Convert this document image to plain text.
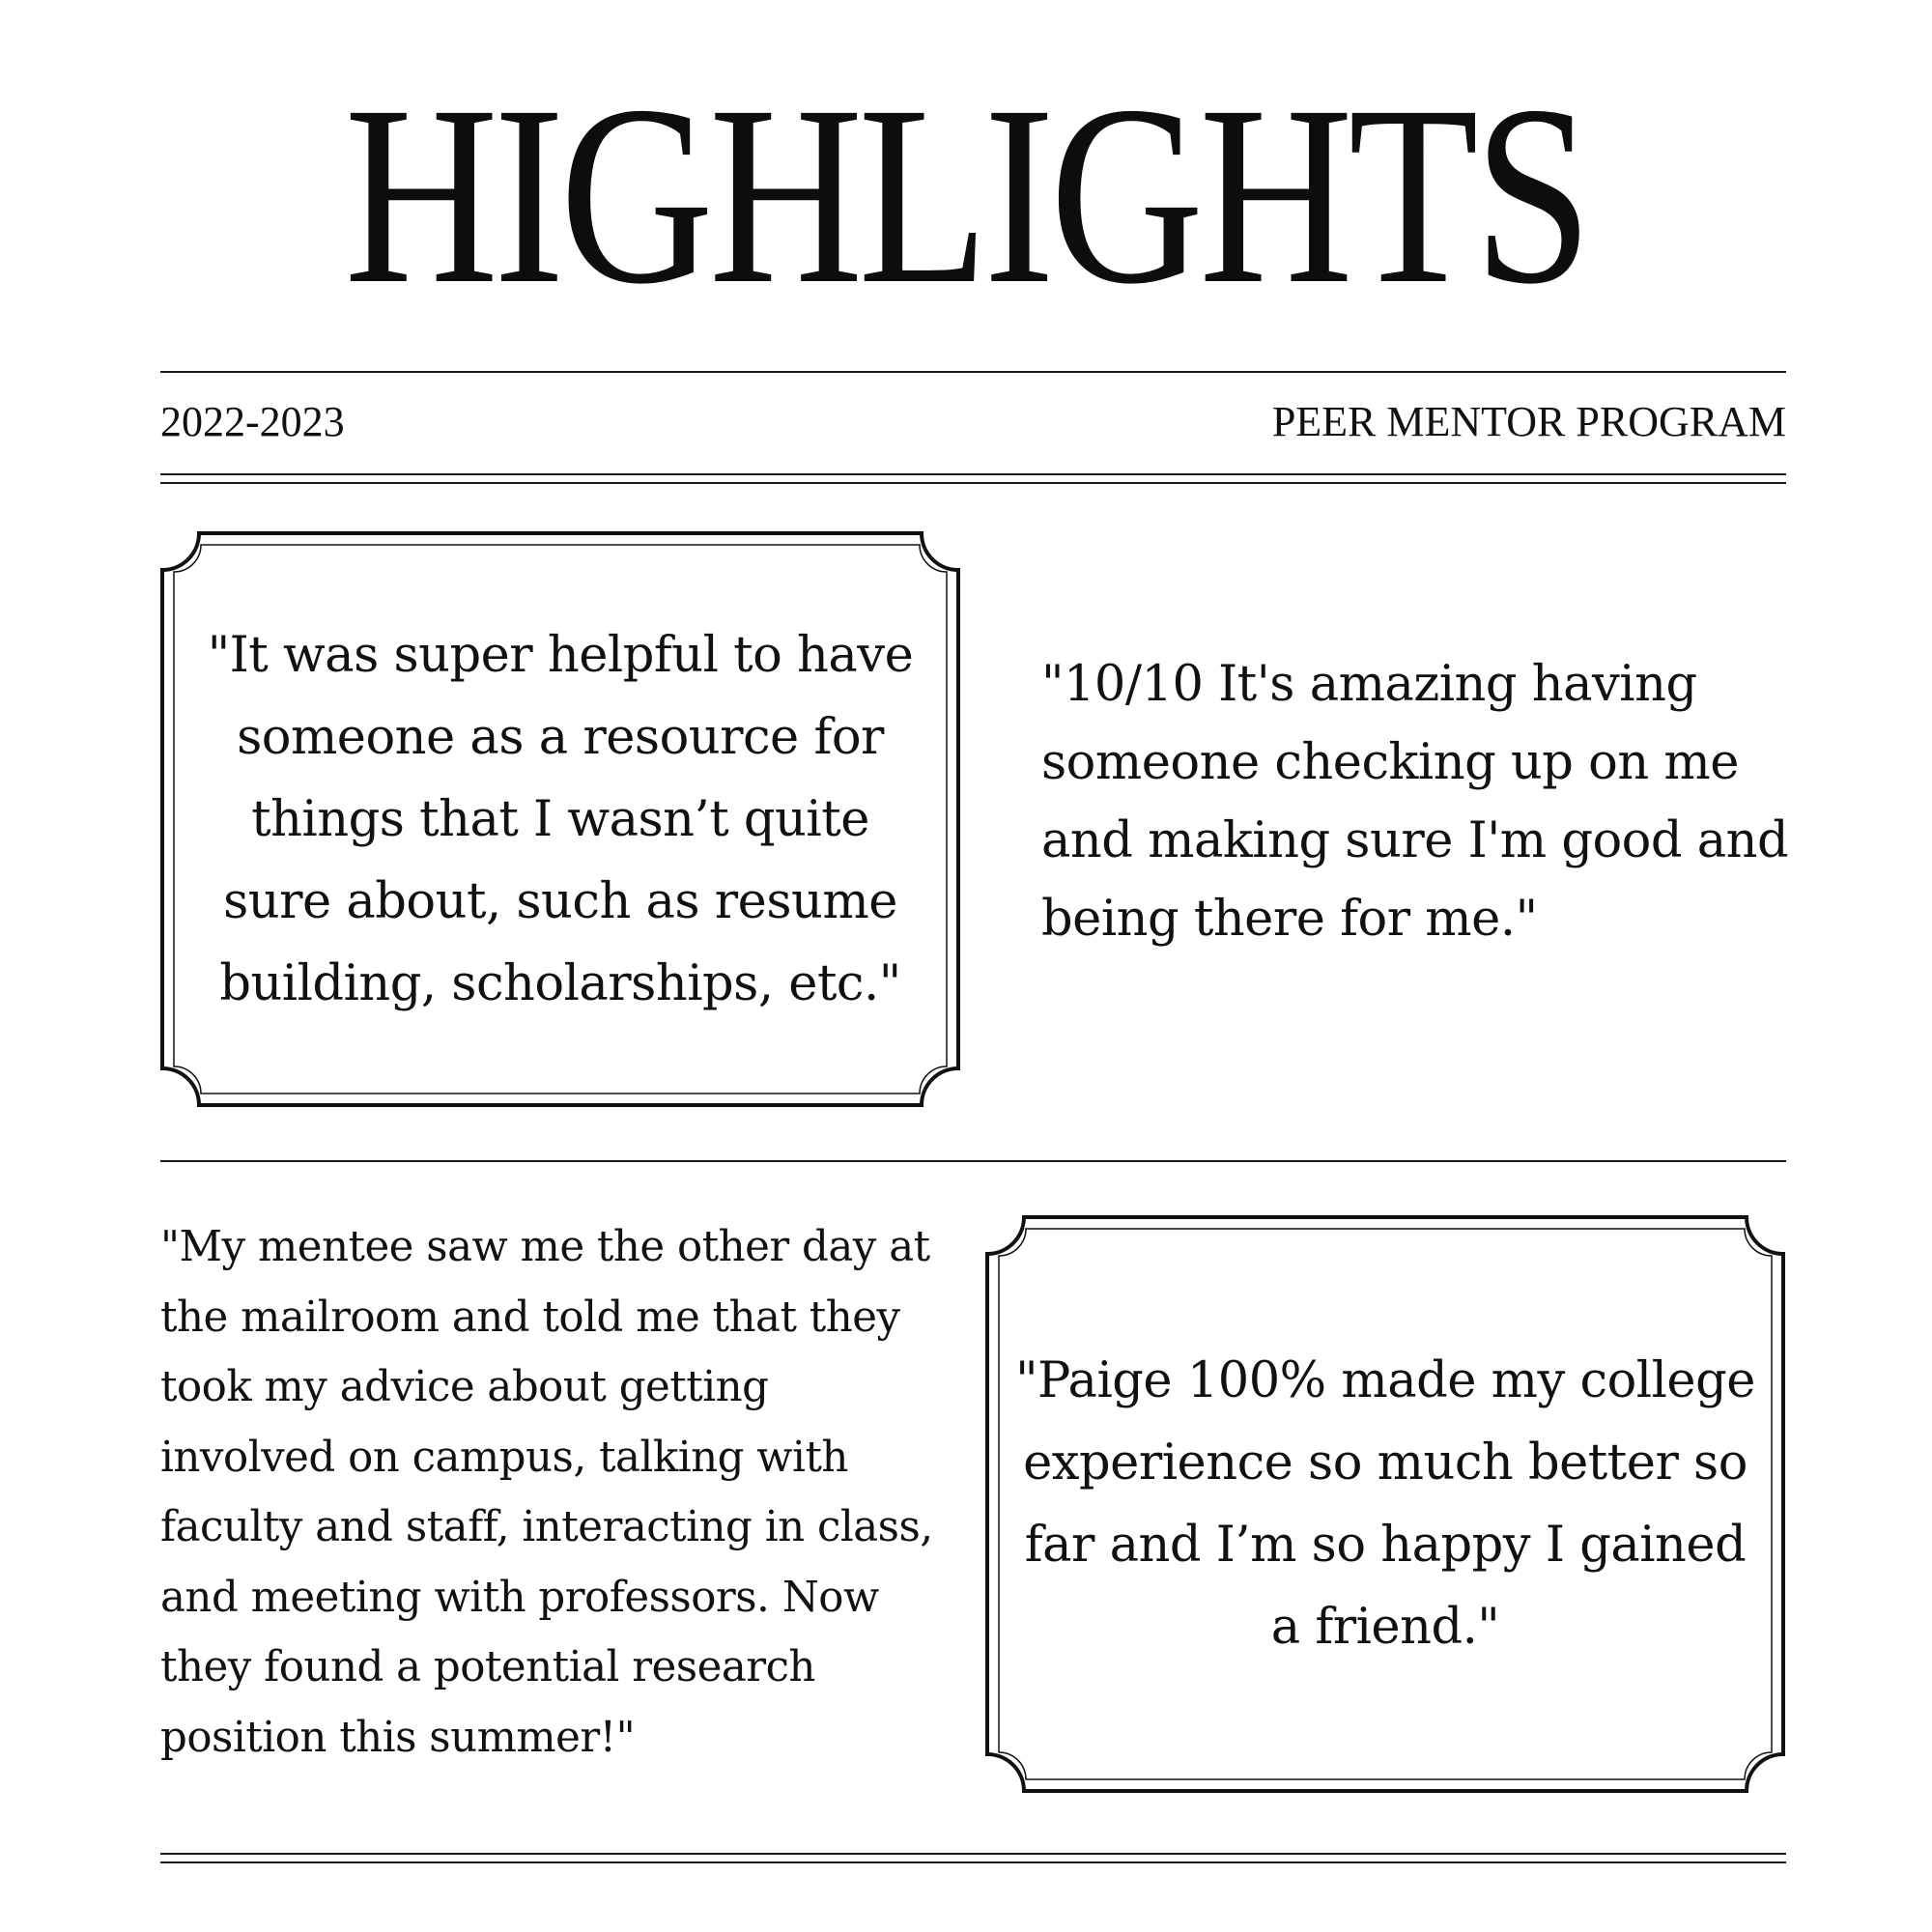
HIGHLIGHTS
2022-2023	PEER MENTOR PROGRAM
"It was super helpful to have someone as a resource for things that I wasn’t quite sure about, such as resume building, scholarships, etc."
"10/10 It's amazing having someone checking up on me and making sure I'm good and being there for me."
"My mentee saw me the other day at the mailroom and told me that they took my advice about getting involved on campus, talking with faculty and staff, interacting in class, and meeting with professors. Now they found a potential research position this summer!"
"Paige 100% made my college experience so much better so far and I’m so happy I gained a friend."
